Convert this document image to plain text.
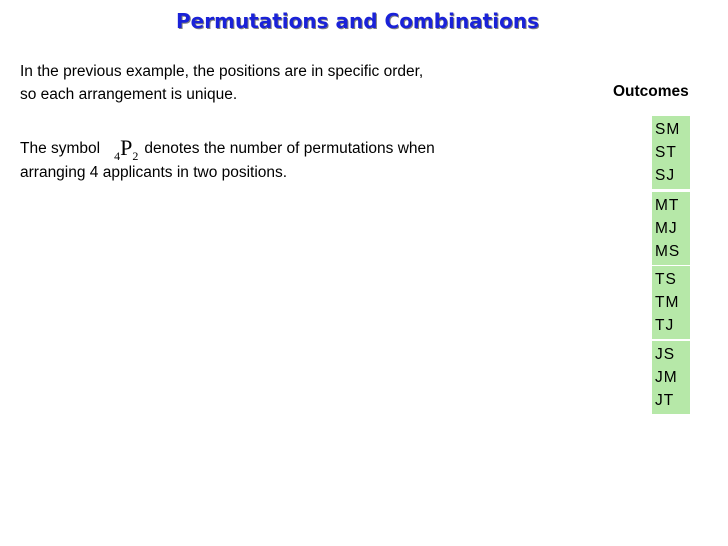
Permutations and Combinations
In the previous example, the positions are in specific order,
so each arrangement is unique.
The symbol $_4P_2$ denotes the number of permutations when
arranging 4 applicants in two positions.
Outcomes
SM
ST
SJ
MT
MJ
MS
TS
TM
TJ
JS
JM
JT
